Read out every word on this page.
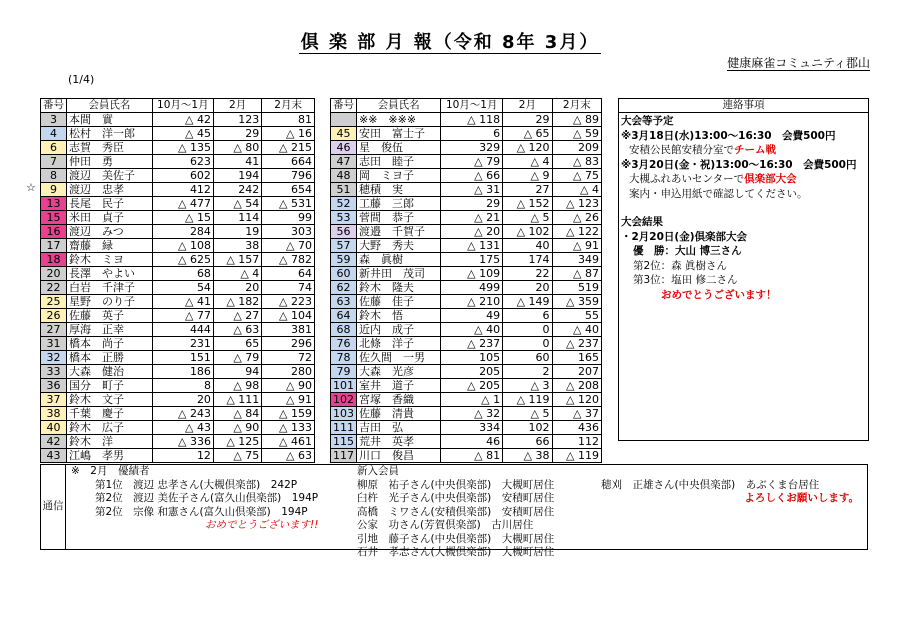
倶 楽 部 月 報（令和 8年 3月）
健康麻雀コミュニティ郡山
(1/4)
☆
番号	会員氏名	10月～1月	2月	2月末
3	本間　實	△ 42	123	81
4	松村　洋一郎	△ 45	29	△ 16
6	志賀　秀臣	△ 135	△ 80	△ 215
7	仲田　勇	623	41	664
8	渡辺　美佐子	602	194	796
9	渡辺　忠孝	412	242	654
13	長尾　民子	△ 477	△ 54	△ 531
15	米田　貞子	△ 15	114	99
16	渡辺　みつ	284	19	303
17	齋藤　緑	△ 108	38	△ 70
18	鈴木　ミヨ	△ 625	△ 157	△ 782
20	長澤　やよい	68	△ 4	64
22	白岩　千津子	54	20	74
25	星野　のり子	△ 41	△ 182	△ 223
26	佐藤　英子	△ 77	△ 27	△ 104
27	厚海　正幸	444	△ 63	381
31	橋本　尚子	231	65	296
32	橋本　正勝	151	△ 79	72
33	大森　健治	186	94	280
36	国分　町子	8	△ 98	△ 90
37	鈴木　文子	20	△ 111	△ 91
38	千葉　慶子	△ 243	△ 84	△ 159
40	鈴木　広子	△ 43	△ 90	△ 133
42	鈴木　洋	△ 336	△ 125	△ 461
43	江嶋　孝男	12	△ 75	△ 63
番号	会員氏名	10月～1月	2月	2月末
	※※　※※※	△ 118	29	△ 89
45	安田　富士子	6	△ 65	△ 59
46	星　俊伍	329	△ 120	209
47	志田　睦子	△ 79	△ 4	△ 83
48	岡　ミヨ子	△ 66	△ 9	△ 75
51	穂積　実	△ 31	27	△ 4
52	工藤　三郎	29	△ 152	△ 123
53	菅間　恭子	△ 21	△ 5	△ 26
56	渡邉　千賀子	△ 20	△ 102	△ 122
57	大野　秀夫	△ 131	40	△ 91
59	森　眞樹	175	174	349
60	新井田　茂司	△ 109	22	△ 87
62	鈴木　隆夫	499	20	519
63	佐藤　佳子	△ 210	△ 149	△ 359
64	鈴木　悟	49	6	55
68	近内　成子	△ 40	0	△ 40
76	北條　洋子	△ 237	0	△ 237
78	佐久間　一男	105	60	165
79	大森　光彦	205	2	207
101	室井　道子	△ 205	△ 3	△ 208
102	宮塚　香織	△ 1	△ 119	△ 120
103	佐藤　清貴	△ 32	△ 5	△ 37
111	吉田　弘	334	102	436
115	荒井　英孝	46	66	112
117	川口　俊昌	△ 81	△ 38	△ 119
連絡事項
大会等予定
※3月18日(水)13:00～16:30　会費500円
安積公民館安積分室でチーム戦
※3月20日(金・祝)13:00～16:30　会費500円
大槻ふれあいセンターで倶楽部大会
案内・申込用紙で確認してください。
大会結果
・2月20日(金)倶楽部大会
優　勝：大山 博三さん
第2位：森 眞樹さん
第3位：塩田 修二さん
おめでとうございます！
通信
※　2月　優績者
第1位　渡辺 忠孝さん(大槻倶楽部)　242P
第2位　渡辺 美佐子さん(富久山倶楽部)　194P
第2位　宗像 和憲さん(富久山倶楽部)　194P
おめでとうございます!!
新入会員
柳原　祐子さん(中央倶楽部)　大槻町居住
臼杵　光子さん(中央倶楽部)　安積町居住
高橋　ミワさん(安積倶楽部)　安積町居住
公家　功さん(芳賀倶楽部)　古川居住
引地　藤子さん(中央倶楽部)　大槻町居住
石井　孝志さん(大槻倶楽部)　大槻町居住
穂刈　正雄さん(中央倶楽部)　あぶくま台居住
よろしくお願いします。
